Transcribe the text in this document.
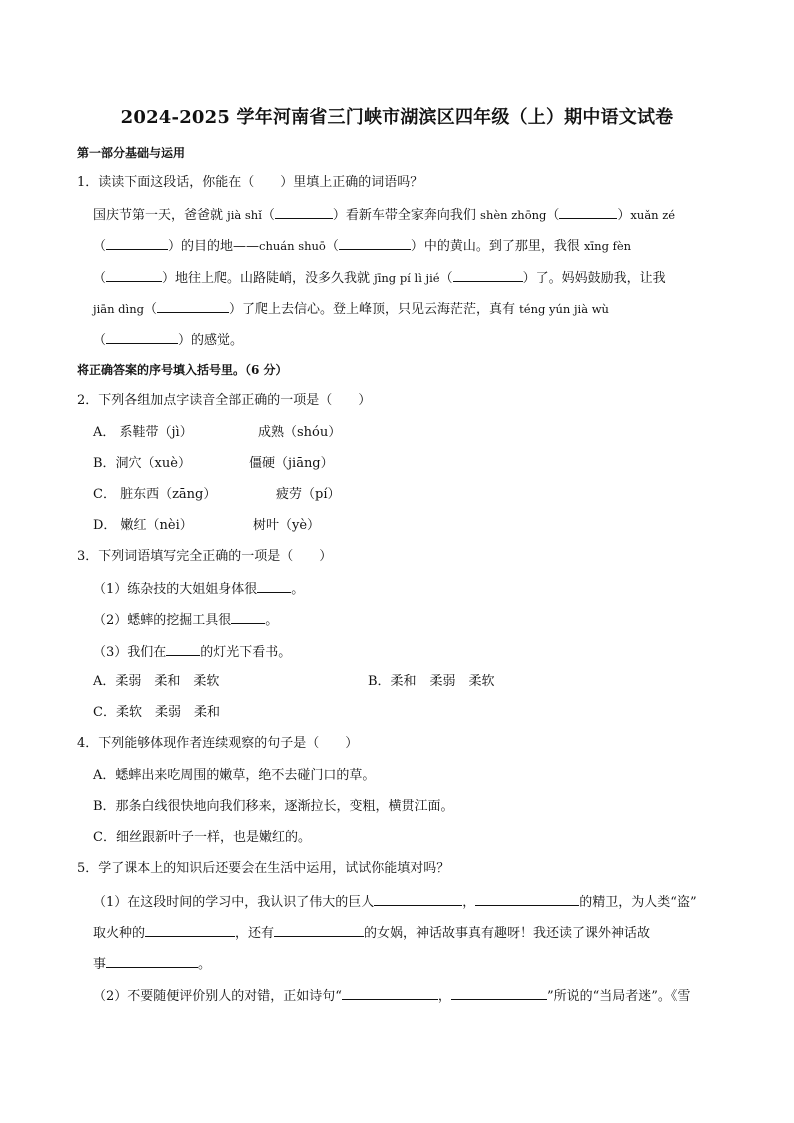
2024-2025 学年河南省三门峡市湖滨区四年级（上）期中语文试卷
第一部分基础与运用
1．读读下面这段话，你能在（　　）里填上正确的词语吗？
国庆节第一天，爸爸就 jià shǐ（	）看新车带全家奔向我们 shèn zhōng（	）xuǎn zé
（	）的目的地——chuán shuō（	）中的黄山。到了那里，我很 xīng fèn
（	）地往上爬。山路陡峭，没多久我就 jīng pí lì jié（	）了。妈妈鼓励我，让我
jiān dìng（	）了爬上去信心。登上峰顶，只见云海茫茫，真有 téng yún jià wù
（	）的感觉。
将正确答案的序号填入括号里。（6 分）
2．下列各组加点字读音全部正确的一项是（　　）
A． 系鞋带（jì）	成熟（shóu）
B．洞穴（xuè）	僵硬（jiāng）
C． 脏东西（zāng）	疲劳（pí）
D． 嫩红（nèi）	树叶（yè）
3．下列词语填写完全正确的一项是（　　）
（1）练杂技的大姐姐身体很	。
（2）蟋蟀的挖掘工具很	。
（3）我们在	的灯光下看书。
A．柔弱　柔和　柔软	B．柔和　柔弱　柔软
C．柔软　柔弱　柔和
4．下列能够体现作者连续观察的句子是（　　）
A．蟋蟀出来吃周围的嫩草，绝不去碰门口的草。
B．那条白线很快地向我们移来，逐渐拉长，变粗，横贯江面。
C．细丝跟新叶子一样，也是嫩红的。
5．学了课本上的知识后还要会在生活中运用，试试你能填对吗？
（1）在这段时间的学习中，我认识了伟大的巨人	，	的精卫，为人类“盗”
取火种的	，还有	的女娲，神话故事真有趣呀！我还读了课外神话故
事	。
（2）不要随便评价别人的对错，正如诗句“	，	”所说的“当局者迷”。《雪
